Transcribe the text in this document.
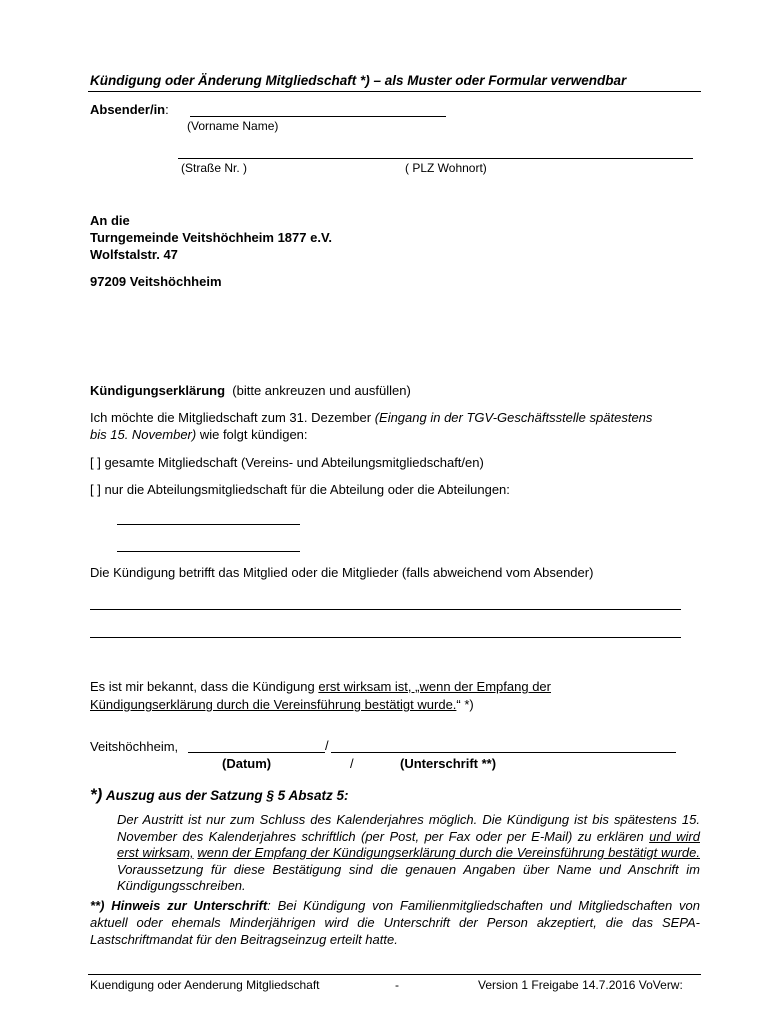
Kündigung oder Änderung Mitgliedschaft *) – als Muster oder Formular verwendbar
Absender/in:
(Vorname Name)
(Straße Nr. )	( PLZ Wohnort)
An die
Turngemeinde Veitshöchheim 1877 e.V.
Wolfstalstr. 47
97209 Veitshöchheim
Kündigungserklärung (bitte ankreuzen und ausfüllen)
Ich möchte die Mitgliedschaft zum 31. Dezember (Eingang in der TGV-Geschäftsstelle spätestens
bis 15. November) wie folgt kündigen:
[ ] gesamte Mitgliedschaft (Vereins- und Abteilungsmitgliedschaft/en)
[ ] nur die Abteilungsmitgliedschaft für die Abteilung oder die Abteilungen:
Die Kündigung betrifft das Mitglied oder die Mitglieder (falls abweichend vom Absender)
Es ist mir bekannt, dass die Kündigung erst wirksam ist, „wenn der Empfang der
Kündigungserklärung durch die Vereinsführung bestätigt wurde.“ *)
Veitshöchheim,	/
(Datum)	/	(Unterschrift **)
*) Auszug aus der Satzung § 5 Absatz 5:
Der Austritt ist nur zum Schluss des Kalenderjahres möglich. Die Kündigung ist bis spätestens 15. November des Kalenderjahres schriftlich (per Post, per Fax oder per E-Mail) zu erklären und wird erst wirksam, wenn der Empfang der Kündigungserklärung durch die Vereinsführung bestätigt wurde. Voraussetzung für diese Bestätigung sind die genauen Angaben über Name und Anschrift im Kündigungsschreiben.
**) Hinweis zur Unterschrift: Bei Kündigung von Familienmitgliedschaften und Mitgliedschaften von aktuell oder ehemals Minderjährigen wird die Unterschrift der Person akzeptiert, die das SEPA-Lastschriftmandat für den Beitragseinzug erteilt hatte.
Kuendigung oder Aenderung Mitgliedschaft	-	Version 1 Freigabe 14.7.2016 VoVerw:
